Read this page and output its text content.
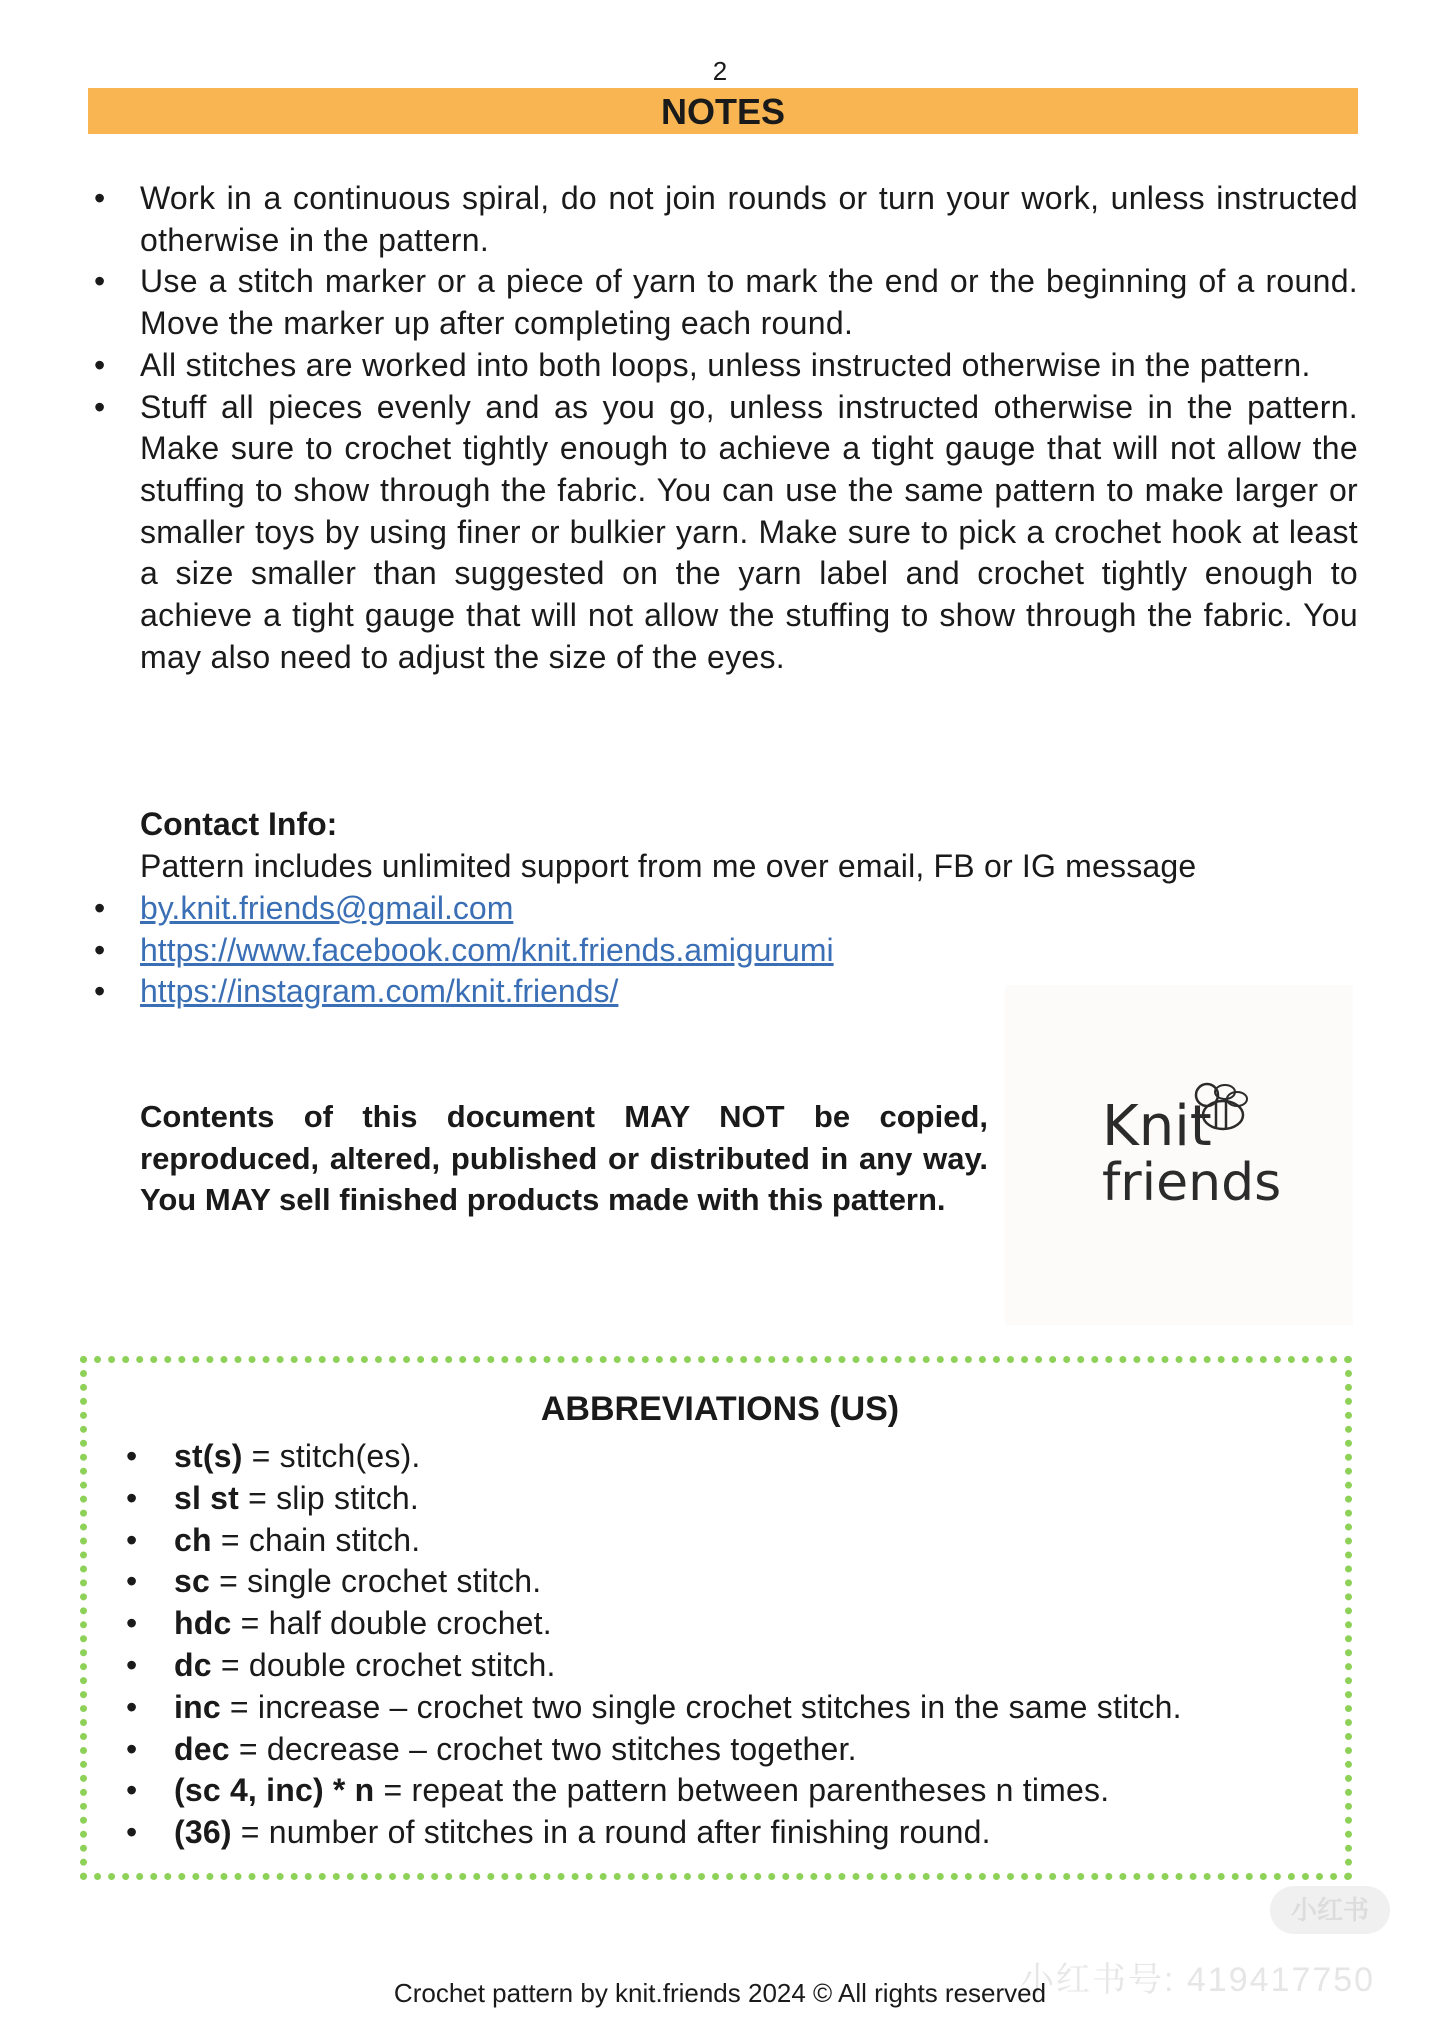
2
NOTES
• Work in a continuous spiral, do not join rounds or turn your work, unless instructed otherwise in the pattern.
• Use a stitch marker or a piece of yarn to mark the end or the beginning of a round. Move the marker up after completing each round.
• All stitches are worked into both loops, unless instructed otherwise in the pattern.
• Stuff all pieces evenly and as you go, unless instructed otherwise in the pattern. Make sure to crochet tightly enough to achieve a tight gauge that will not allow the stuffing to show through the fabric. You can use the same pattern to make larger or smaller toys by using finer or bulkier yarn. Make sure to pick a crochet hook at least a size smaller than suggested on the yarn label and crochet tightly enough to achieve a tight gauge that will not allow the stuffing to show through the fabric. You may also need to adjust the size of the eyes.
Contact Info:
Pattern includes unlimited support from me over email, FB or IG message
• by.knit.friends@gmail.com
• https://www.facebook.com/knit.friends.amigurumi
• https://instagram.com/knit.friends/
Contents of this document MAY NOT be copied, reproduced, altered, published or distributed in any way. You MAY sell finished products made with this pattern.
Knit
friends
ABBREVIATIONS (US)
• st(s) = stitch(es).
• sl st = slip stitch.
• ch = chain stitch.
• sc = single crochet stitch.
• hdc = half double crochet.
• dc = double crochet stitch.
• inc = increase – crochet two single crochet stitches in the same stitch.
• dec = decrease – crochet two stitches together.
• (sc 4, inc) * n = repeat the pattern between parentheses n times.
• (36) = number of stitches in a round after finishing round.
小红书
小红书号: 419417750
Crochet pattern by knit.friends 2024 © All rights reserved
